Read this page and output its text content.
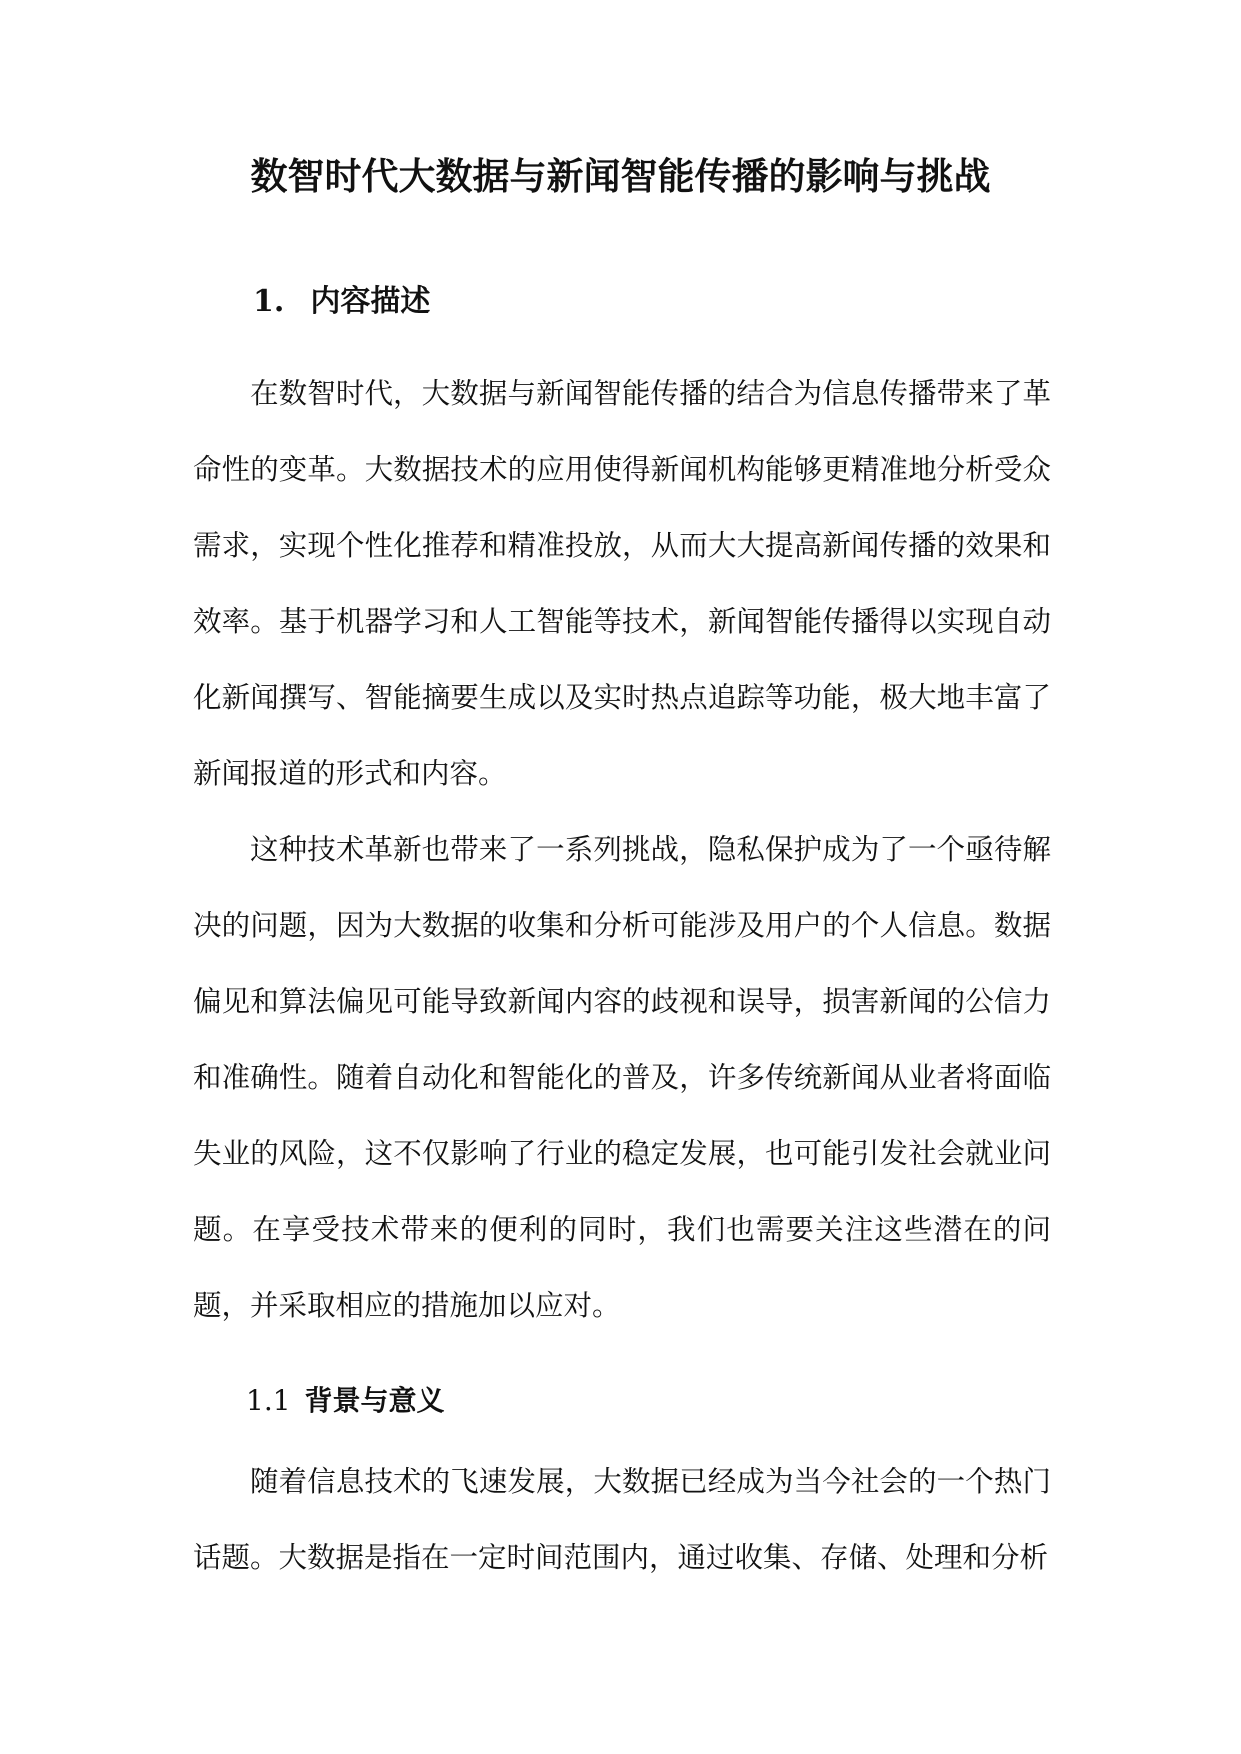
数智时代大数据与新闻智能传播的影响与挑战
1. 内容描述

在数智时代，大数据与新闻智能传播的结合为信息传播带来了革命性的变革。大数据技术的应用使得新闻机构能够更精准地分析受众需求，实现个性化推荐和精准投放，从而大大提高新闻传播的效果和效率。基于机器学习和人工智能等技术，新闻智能传播得以实现自动化新闻撰写、智能摘要生成以及实时热点追踪等功能，极大地丰富了新闻报道的形式和内容。

这种技术革新也带来了一系列挑战，隐私保护成为了一个亟待解决的问题，因为大数据的收集和分析可能涉及用户的个人信息。数据偏见和算法偏见可能导致新闻内容的歧视和误导，损害新闻的公信力和准确性。随着自动化和智能化的普及，许多传统新闻从业者将面临失业的风险，这不仅影响了行业的稳定发展，也可能引发社会就业问题。在享受技术带来的便利的同时，我们也需要关注这些潜在的问题，并采取相应的措施加以应对。

1.1 背景与意义

随着信息技术的飞速发展，大数据已经成为当今社会的一个热门话题。大数据是指在一定时间范围内，通过收集、存储、处理和分析
